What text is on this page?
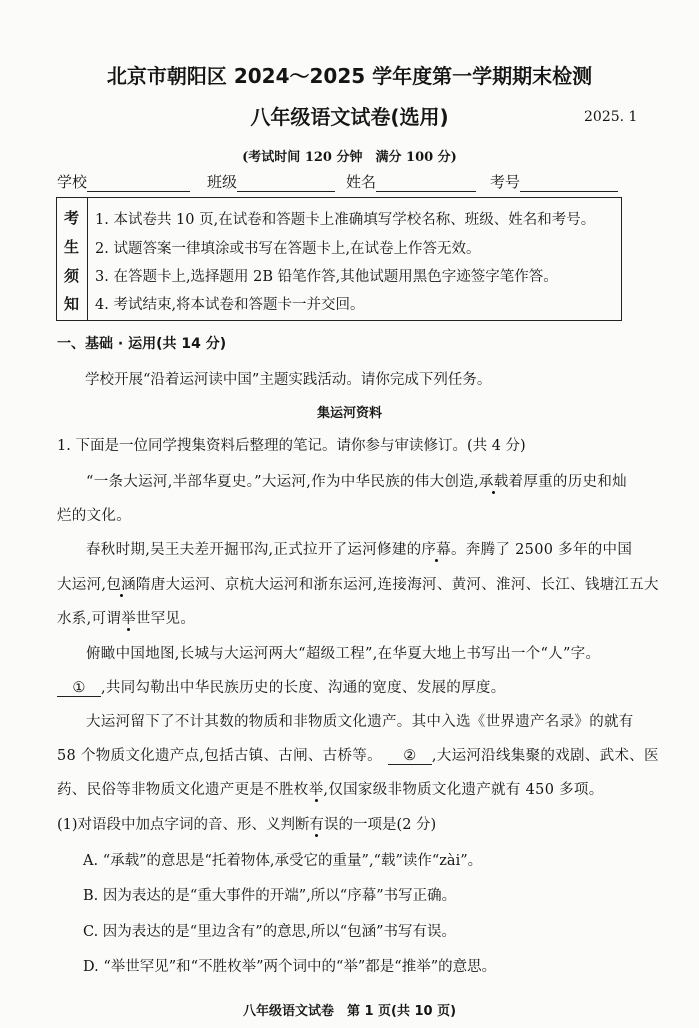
北京市朝阳区 2024～2025 学年度第一学期期末检测
八年级语文试卷(选用)	2025. 1
(考试时间 120 分钟　满分 100 分)
学校	班级	姓名	考号
考
生
须
知
1. 本试卷共 10 页,在试卷和答题卡上准确填写学校名称、班级、姓名和考号。
2. 试题答案一律填涂或书写在答题卡上,在试卷上作答无效。
3. 在答题卡上,选择题用 2B 铅笔作答,其他试题用黑色字迹签字笔作答。
4. 考试结束,将本试卷和答题卡一并交回。
一、基础 · 运用(共 14 分)
学校开展“沿着运河读中国”主题实践活动。请你完成下列任务。
集运河资料
1. 下面是一位同学搜集资料后整理的笔记。请你参与审读修订。(共 4 分)
“一条大运河,半部华夏史。”大运河,作为中华民族的伟大创造,承载着厚重的历史和灿
烂的文化。
春秋时期,吴王夫差开掘邗沟,正式拉开了运河修建的序幕。奔腾了 2500 多年的中国
大运河,包涵隋唐大运河、京杭大运河和浙东运河,连接海河、黄河、淮河、长江、钱塘江五大
水系,可谓举世罕见。
俯瞰中国地图,长城与大运河两大“超级工程”,在华夏大地上书写出一个“人”字。
① ,共同勾勒出中华民族历史的长度、沟通的宽度、发展的厚度。
大运河留下了不计其数的物质和非物质文化遗产。其中入选《世界遗产名录》的就有
58 个物质文化遗产点,包括古镇、古闸、古桥等。 ② ,大运河沿线集聚的戏剧、武术、医
药、民俗等非物质文化遗产更是不胜枚举,仅国家级非物质文化遗产就有 450 多项。
(1)对语段中加点字词的音、形、义判断有误的一项是(2 分)
A. “承载”的意思是“托着物体,承受它的重量”,“载”读作“zài”。
B. 因为表达的是“重大事件的开端”,所以“序幕”书写正确。
C. 因为表达的是“里边含有”的意思,所以“包涵”书写有误。
D. “举世罕见”和“不胜枚举”两个词中的“举”都是“推举”的意思。
八年级语文试卷　第 1 页(共 10 页)
